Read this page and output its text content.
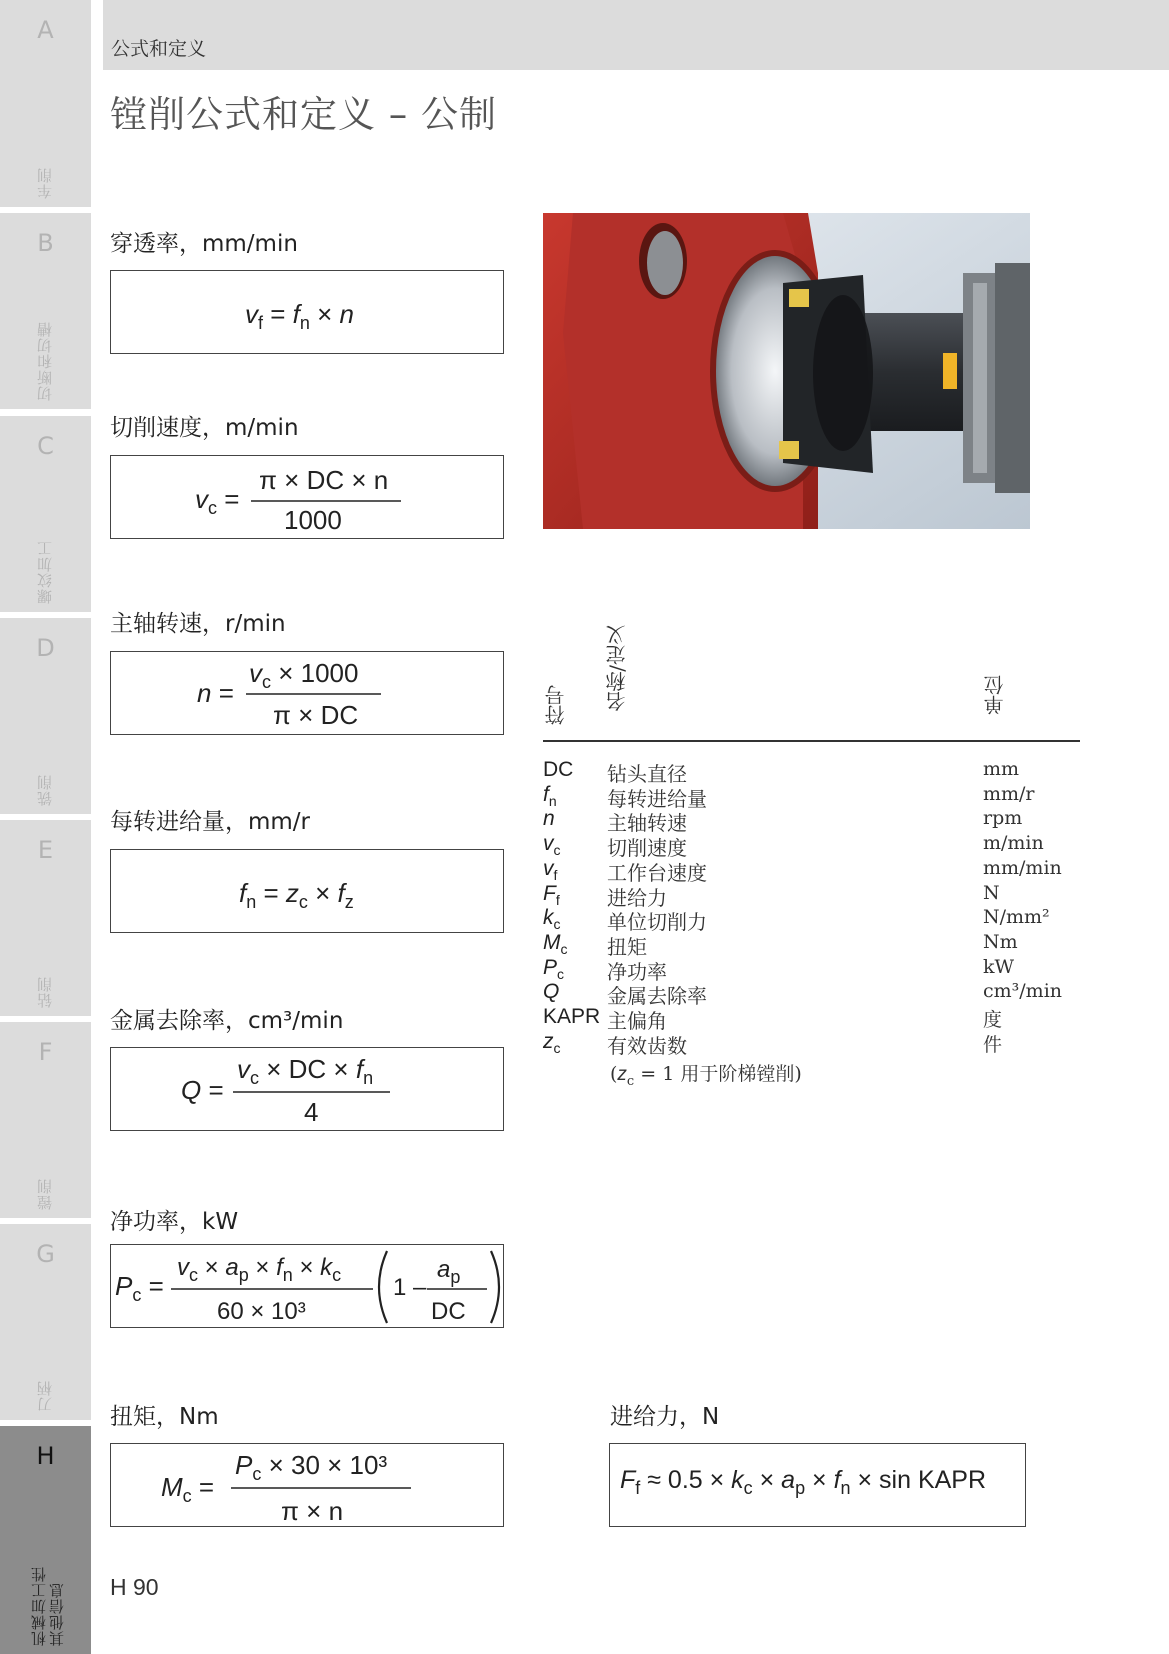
A
车削
B
切断和切槽
C
螺纹加工
D
铣削
E
钻削
F
镗削
G
刀柄
H
机械加工性
其他信息
公式和定义
镗削公式和定义 – 公制
穿透率，mm/min
$v_f = f_n \times n$
切削速度，m/min
$v_c$ =
π × DC × n
1000
主轴转速，r/min
n =
$v_c \times 1000$
π × DC
每转进给量，mm/r
$f_n = z_c \times f_z$
金属去除率，cm³/min
Q =
$v_c$ × DC × $f_n$
4
净功率，kW
$P_c$ =
$v_c \times a_p \times f_n \times k_c$
60 × 10³
1 –
$a_p$
DC
扭矩，Nm
$M_c$ =
$P_c \times 30 \times 10^3$
π × n
进给力，N
$F_f \approx 0.5 \times k_c \times a_p \times f_n \times \sin$ KAPR
符号 名称/定义	单位
DC 钻头直径	mm
$f_n$	每转进给量	mm/r
n	主轴转速	rpm
$v_c$ 切削速度	m/min
$v_f$ 工作台速度	mm/min
$F_f$ 进给力	N
$k_c$ 单位切削力	N/mm²
$M_c$ 扭矩	Nm
$P_c$ 净功率	kW
Q 金属去除率	cm³/min
KAPR 主偏角	度
$z_c$ 有效齿数	件
($z_c = 1$ 用于阶梯镗削)
H 90
